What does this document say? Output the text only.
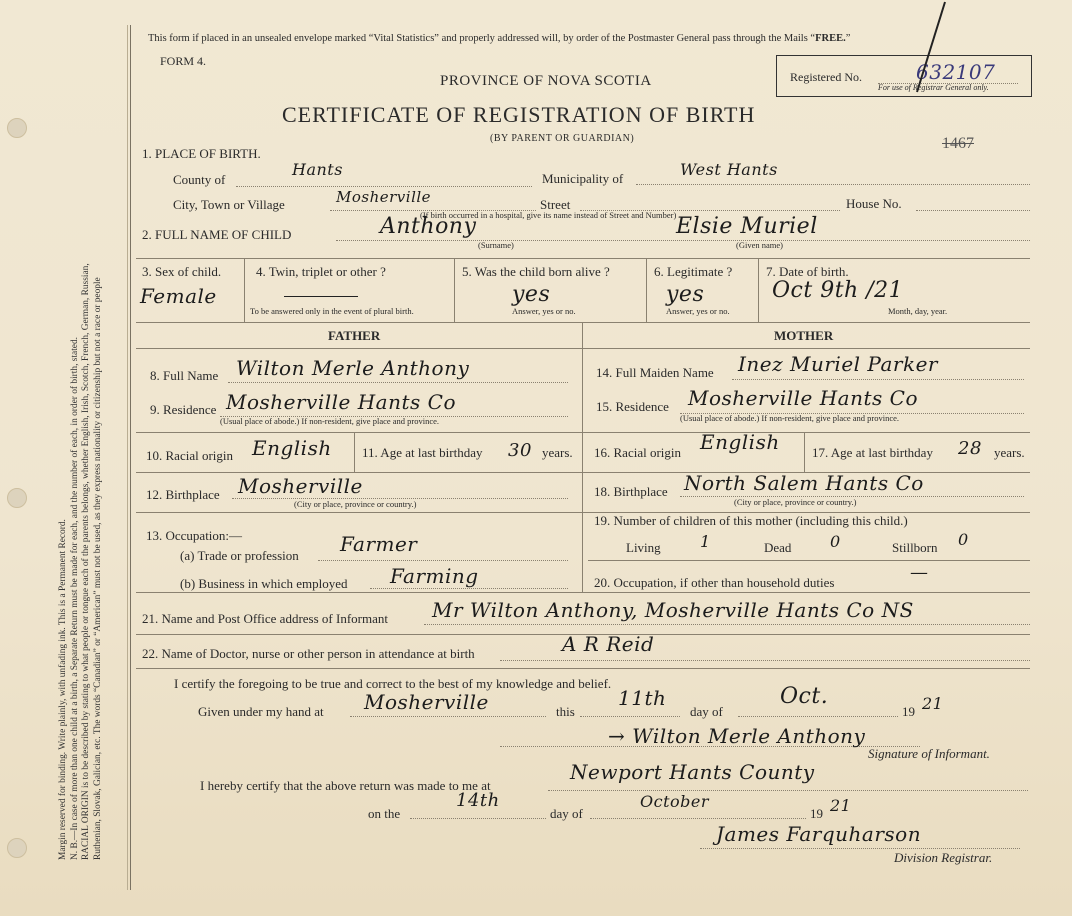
Margin reserved for binding. Write plainly, with unfading ink. This is a Permanent Record. N. B.—In case of more than one child at a birth, a Separate Return must be made for each, and the number of each, in order of birth, stated. RACIAL ORIGIN is to be described by stating to what people or tongue each of the parents belongs, whether English, Irish, Scotch, French, German, Russian, Ruthenian, Slovak, Galician, etc. The words “Canadian” or “American” must not be used, as they express nationality or citizenship but not a race or people
This form if placed in an unsealed envelope marked “Vital Statistics” and properly addressed will, by order of the Postmaster General pass through the Mails “FREE.”
FORM 4.
PROVINCE OF NOVA SCOTIA	Registered No.	632107
For use of Registrar General only.
CERTIFICATE OF REGISTRATION OF BIRTH
(BY PARENT OR GUARDIAN)	1467
1. PLACE OF BIRTH.
County of
Hants	Municipality of	West Hants
City, Town or Village	Mosherville	Street	House No.
(If birth occurred in a hospital, give its name instead of Street and Number)
2. FULL NAME OF CHILD	Anthony	Elsie Muriel
(Surname)	(Given name)
3. Sex of child.
Female
4. Twin, triplet or other ?
To be answered only in the event of plural birth.
5. Was the child born alive ?
yes
Answer, yes or no.
6. Legitimate ?
yes
Answer, yes or no.
7. Date of birth.
Oct 9th /21
Month, day, year.
FATHER	MOTHER
8. Full Name Wilton Merle Anthony	14. Full Maiden Name Inez Muriel Parker
9. Residence Mosherville Hants Co
(Usual place of abode.) If non-resident, give place and province.
15. Residence Mosherville Hants Co
(Usual place of abode.) If non-resident, give place and province.
10. Racial origin English 11. Age at last birthday 30 years. 16. Racial origin English 17. Age at last birthday 28 years.
12. Birthplace Mosherville
(City or place, province or country.)
18. Birthplace North Salem Hants Co
(City or place, province or country.)
13. Occupation:—
(a) Trade or profession Farmer
(b) Business in which employed Farming
19. Number of children of this mother (including this child.)
Living 1	Dead 0	Stillborn 0
20. Occupation, if other than household duties	—
21. Name and Post Office address of Informant Mr Wilton Anthony, Mosherville Hants Co NS
22. Name of Doctor, nurse or other person in attendance at birth	A R Reid
I certify the foregoing to be true and correct to the best of my knowledge and belief.
Given under my hand at Mosherville	this
11th
day of
Oct.
19 21
→ Wilton Merle Anthony
Signature of Informant.
I hereby certify that the above return was made to me at
Newport Hants County
on the
14th
day of
October
19 21
James Farquharson
Division Registrar.
